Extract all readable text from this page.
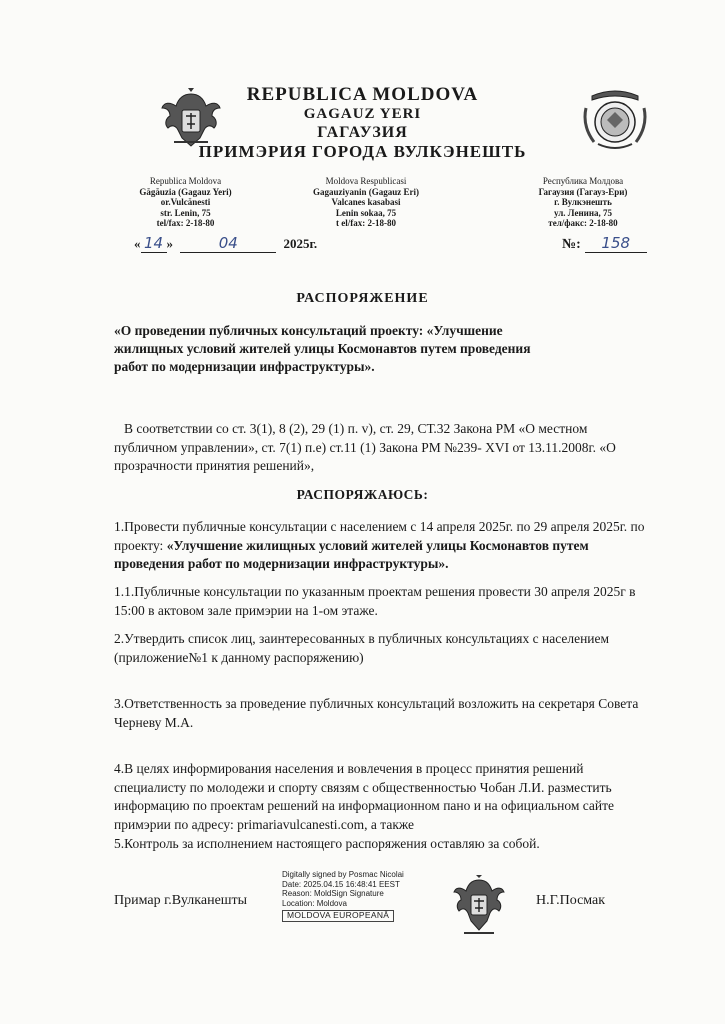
REPUBLICA MOLDOVA
GAGAUZ YERI
ГАГАУЗИЯ
ПРИМЭРИЯ ГОРОДА ВУЛКЭНЕШТЬ
Republica Moldova
Găgăuzia (Gagauz Yeri)
or.Vulcănesti
str. Lenin, 75
tel/fax: 2-18-80
Moldova Respublicasi
Gagauziyanin (Gagauz Eri)
Valcanes kasabasi
Lenin sokaa, 75
t el/fax: 2-18-80
Республика Молдова
Гагаузия (Гагауз-Ери)
г. Вулкэнешть
ул. Ленина, 75
тел/факс: 2-18-80
« 14 »	04	2025г.	№: 158
РАСПОРЯЖЕНИЕ
«О проведении публичных консультаций проекту: «Улучшение жилищных условий жителей улицы Космонавтов путем проведения работ по модернизации инфраструктуры».
В соответствии со ст. 3(1), 8 (2), 29 (1) п. v), ст. 29, СТ.32 Закона РМ «О местном публичном управлении», ст. 7(1) п.е) ст.11 (1) Закона РМ №239- XVI от 13.11.2008г. «О прозрачности принятия решений»,
РАСПОРЯЖАЮСЬ:
1.Провести публичные консультации с населением с 14 апреля 2025г. по 29 апреля 2025г. по проекту: «Улучшение жилищных условий жителей улицы Космонавтов путем проведения работ по модернизации инфраструктуры».
1.1.Публичные консультации по указанным проектам решения провести 30 апреля 2025г в 15:00 в актовом зале примэрии на 1-ом этаже.
2.Утвердить список лиц, заинтересованных в публичных консультациях с населением (приложение№1 к данному распоряжению)
3.Ответственность за проведение публичных консультаций возложить на секретаря Совета Черневу М.А.
4.В целях информирования населения и вовлечения в процесс принятия решений специалисту по молодежи и спорту связям с общественностью Чобан Л.И. разместить информацию по проектам решений на информационном пано и на официальном сайте примэрии по адресу: primariavulcanesti.com, а также
5.Контроль за исполнением настоящего распоряжения оставляю за собой.
Примар г.Вулканешты
Digitally signed by Posmac Nicolai
Date: 2025.04.15 16:48:41 EEST
Reason: MoldSign Signature
Location: Moldova
MOLDOVA EUROPEANĂ
Н.Г.Посмак
